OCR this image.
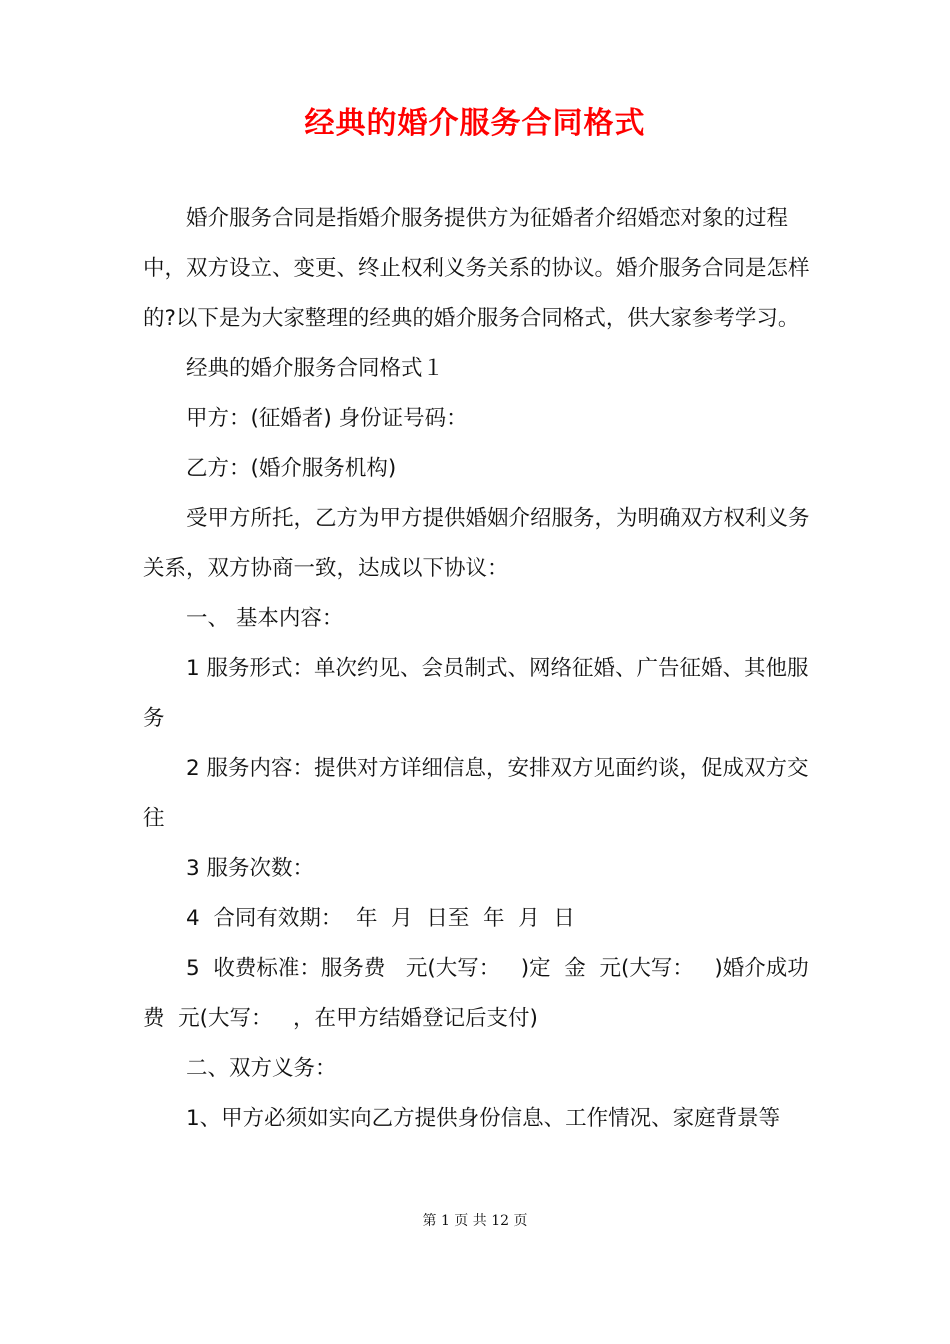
经典的婚介服务合同格式

婚介服务合同是指婚介服务提供方为征婚者介绍婚恋对象的过程中，双方设立、变更、终止权利义务关系的协议。婚介服务合同是怎样的?以下是为大家整理的经典的婚介服务合同格式，供大家参考学习。

经典的婚介服务合同格式１

甲方：(征婚者) 身份证号码：

乙方：(婚介服务机构)

受甲方所托，乙方为甲方提供婚姻介绍服务，为明确双方权利义务关系，双方协商一致，达成以下协议：

一、 基本内容：

1 服务形式：单次约见、会员制式、网络征婚、广告征婚、其他服务

2 服务内容：提供对方详细信息，安排双方见面约谈，促成双方交往

3 服务次数：

4  合同有效期：  年  月  日至  年  月  日

5  收费标准：服务费   元(大写：   )定  金  元(大写：   )婚介成功费  元(大写：   ，在甲方结婚登记后支付)

二、双方义务：

1、甲方必须如实向乙方提供身份信息、工作情况、家庭背景等

第 1 页 共 12 页
